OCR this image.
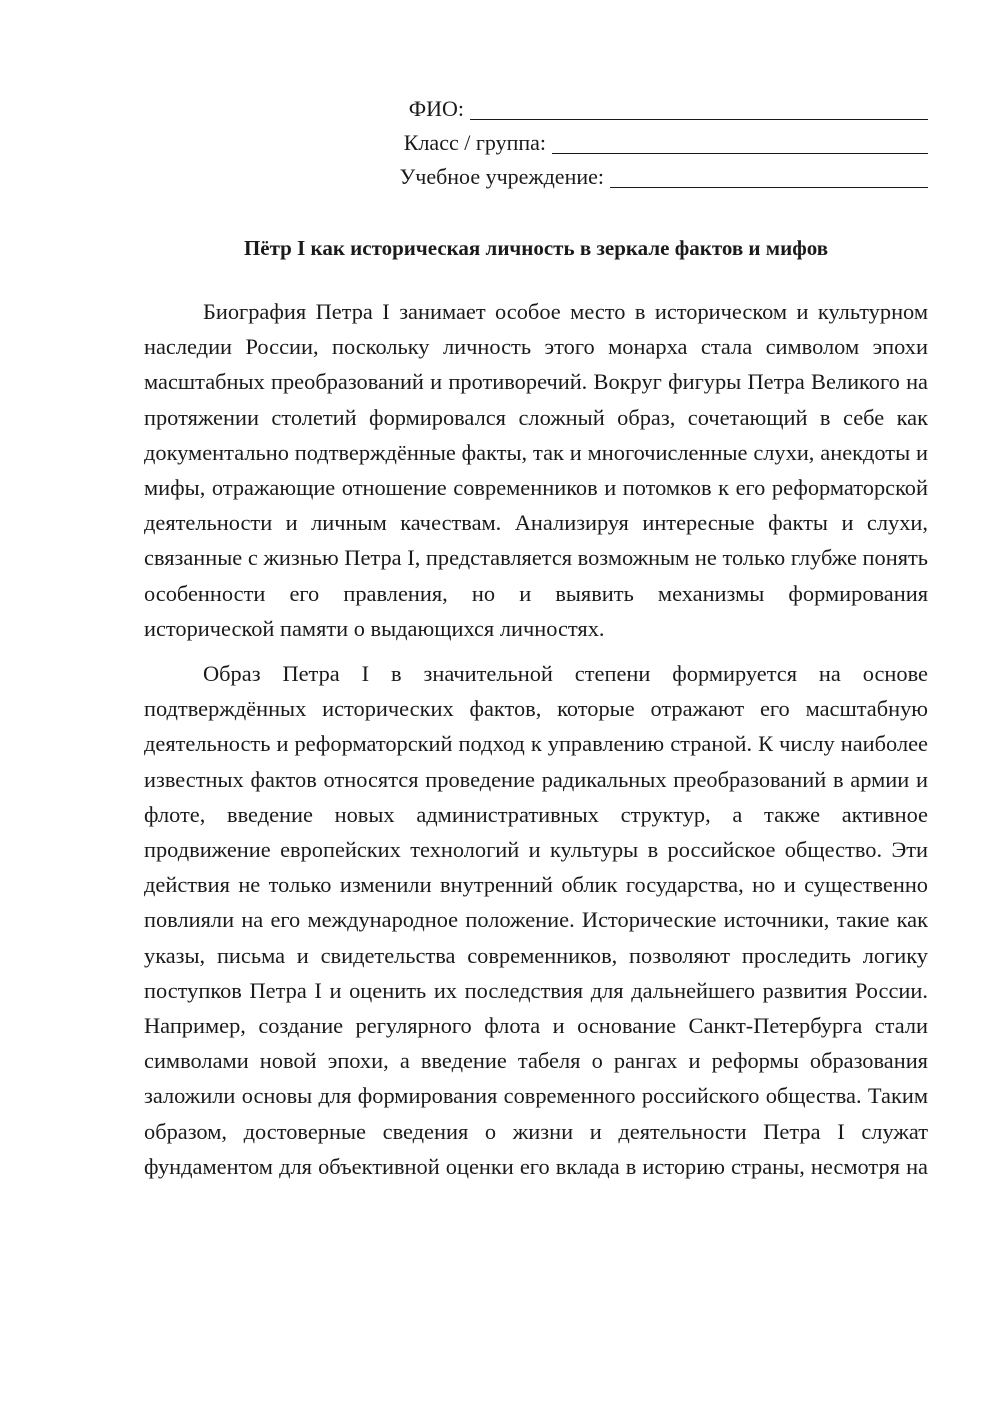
ФИО:
Класс / группа:
Учебное учреждение:
Пётр I как историческая личность в зеркале фактов и мифов

Биография Петра I занимает особое место в историческом и культурном наследии России, поскольку личность этого монарха стала символом эпохи масштабных преобразований и противоречий. Вокруг фигуры Петра Великого на протяжении столетий формировался сложный образ, сочетающий в себе как документально подтверждённые факты, так и многочисленные слухи, анекдоты и мифы, отражающие отношение современников и потомков к его реформаторской деятельности и личным качествам. Анализируя интересные факты и слухи, связанные с жизнью Петра I, представляется возможным не только глубже понять особенности его правления, но и выявить механизмы формирования исторической памяти о выдающихся личностях.

Образ Петра I в значительной степени формируется на основе подтверждённых исторических фактов, которые отражают его масштабную деятельность и реформаторский подход к управлению страной. К числу наиболее известных фактов относятся проведение радикальных преобразований в армии и флоте, введение новых административных структур, а также активное продвижение европейских технологий и культуры в российское общество. Эти действия не только изменили внутренний облик государства, но и существенно повлияли на его международное положение. Исторические источники, такие как указы, письма и свидетельства современников, позволяют проследить логику поступков Петра I и оценить их последствия для дальнейшего развития России. Например, создание регулярного флота и основание Санкт-Петербурга стали символами новой эпохи, а введение табеля о рангах и реформы образования заложили основы для формирования современного российского общества. Таким образом, достоверные сведения о жизни и деятельности Петра I служат фундаментом для объективной оценки его вклада в историю страны, несмотря на
